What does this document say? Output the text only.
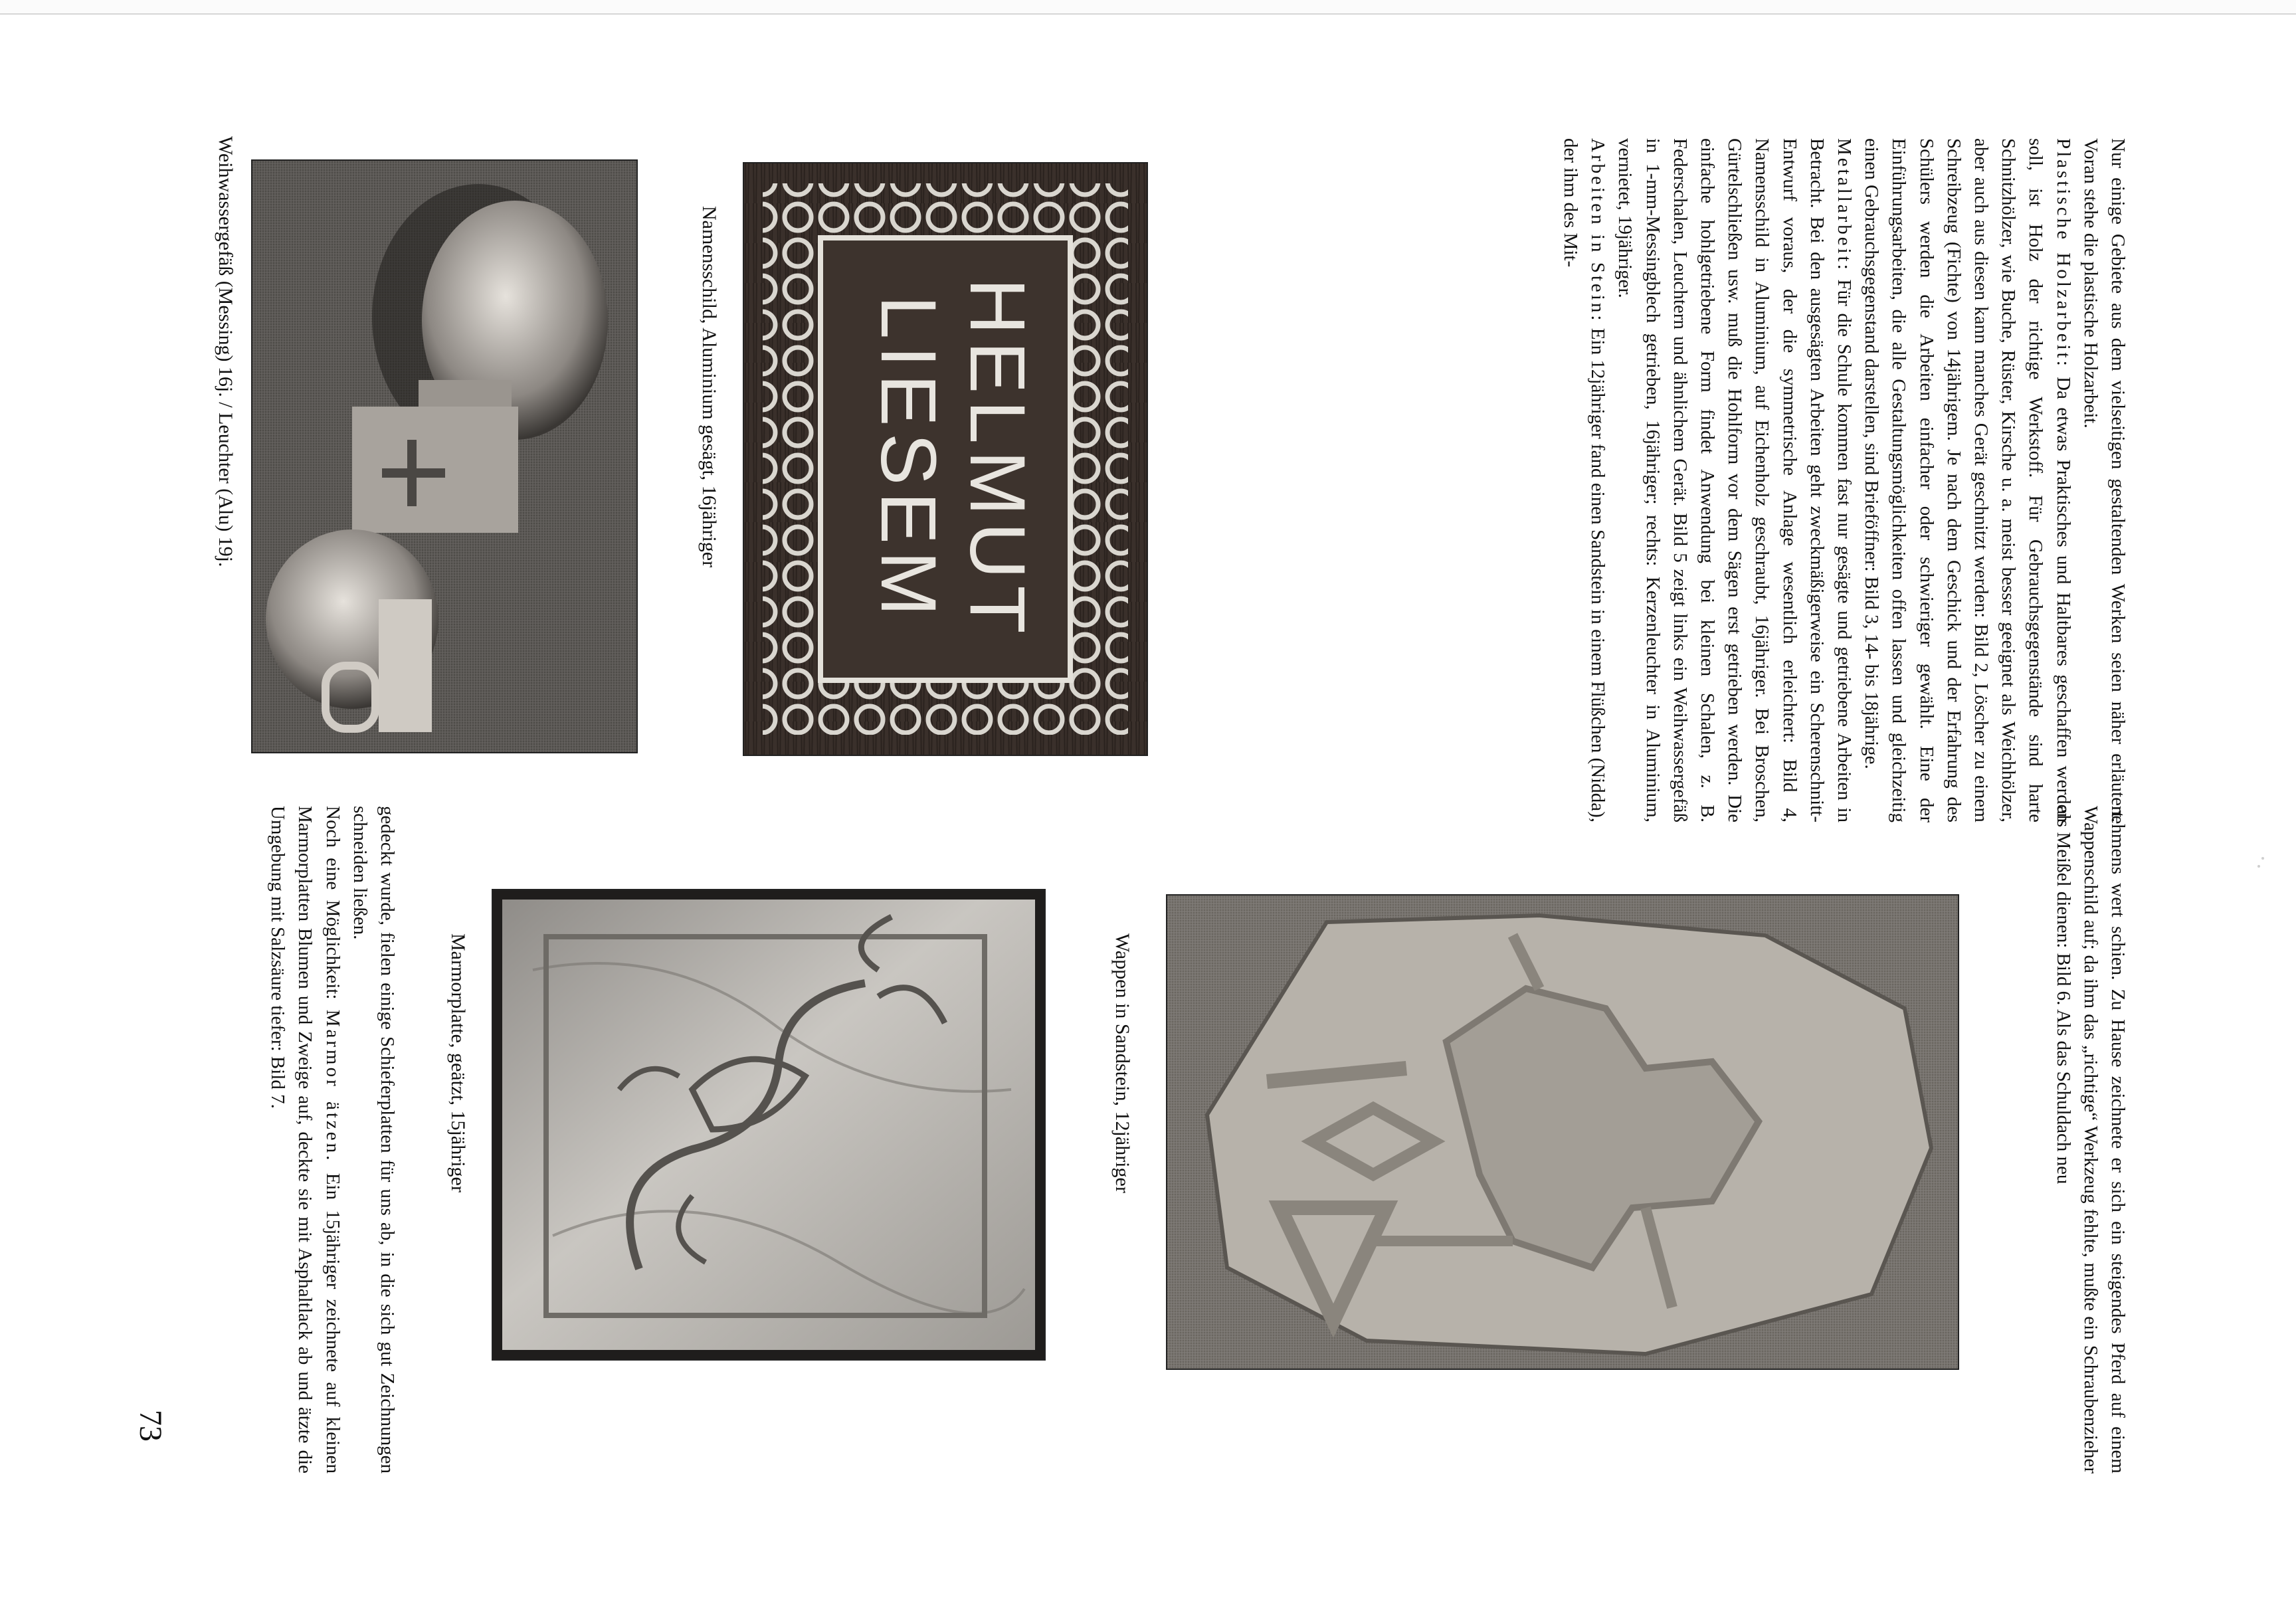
Nur einige Gebiete aus dem vielseitigen gestaltenden Werken seien näher erläutert. Voran stehe die plastische Holzarbeit.

Plastische Holzarbeit: Da etwas Praktisches und Haltbares geschaffen werden soll, ist Holz der richtige Werkstoff. Für Gebrauchsgegenstände sind harte Schnitzhölzer, wie Buche, Rüster, Kirsche u. a. meist besser geeignet als Weichhölzer, aber auch aus diesen kann manches Gerät geschnitzt werden: Bild 2, Löscher zu einem Schreibzeug (Fichte) von 14jährigem. Je nach dem Geschick und der Erfahrung des Schülers werden die Arbeiten einfacher oder schwieriger gewählt. Eine der Einführungsarbeiten, die alle Gestaltungsmöglichkeiten offen lassen und gleichzeitig einen Gebrauchsgegenstand darstellen, sind Brieföffner: Bild 3, 14- bis 18jährige.

Metallarbeit: Für die Schule kommen fast nur gesägte und getriebene Arbeiten in Betracht. Bei den ausgesägten Arbeiten geht zweckmäßigerweise ein Scherenschnitt-Entwurf voraus, der die symmetrische Anlage wesentlich erleichtert: Bild 4, Namensschild in Aluminium, auf Eichenholz geschraubt, 16jähriger. Bei Broschen, Gürtelschließen usw. muß die Hohlform vor dem Sägen erst getrieben werden. Die einfache hohlgetriebene Form findet Anwendung bei kleinen Schalen, z. B. Federschalen, Leuchtern und ähnlichem Gerät. Bild 5 zeigt links ein Weihwassergefäß in 1-mm-Messingblech getrieben, 16jähriger; rechts: Kerzenleuchter in Aluminium, vernietet, 19jähriger.

Arbeiten in Stein: Ein 12jähriger fand einen Sandstein in einem Flüßchen (Nidda), der ihm des Mit-

nehmens wert schien. Zu Hause zeichnete er sich ein steigendes Pferd auf einem Wappenschild auf; da ihm das „richtige“ Werkzeug fehlte, mußte ein Schraubenzieher als Meißel dienen: Bild 6. Als das Schuldach neu

gedeckt wurde, fielen einige Schieferplatten für uns ab, in die sich gut Zeichnungen schneiden ließen.

Noch eine Möglichkeit: Marmor ätzen. Ein 15jähriger zeichnete auf kleinen Marmorplatten Blumen und Zweige auf, deckte sie mit Asphaltlack ab und ätzte die Umgebung mit Salzsäure tiefer: Bild 7.

HELMUT
LIESEM
Namensschild, Aluminium gesägt, 16jähriger
Weihwassergefäß (Messing) 16j. / Leuchter (Alu) 19j.
Wappen in Sandstein, 12jähriger
Marmorplatte, geätzt, 15jähriger
73
